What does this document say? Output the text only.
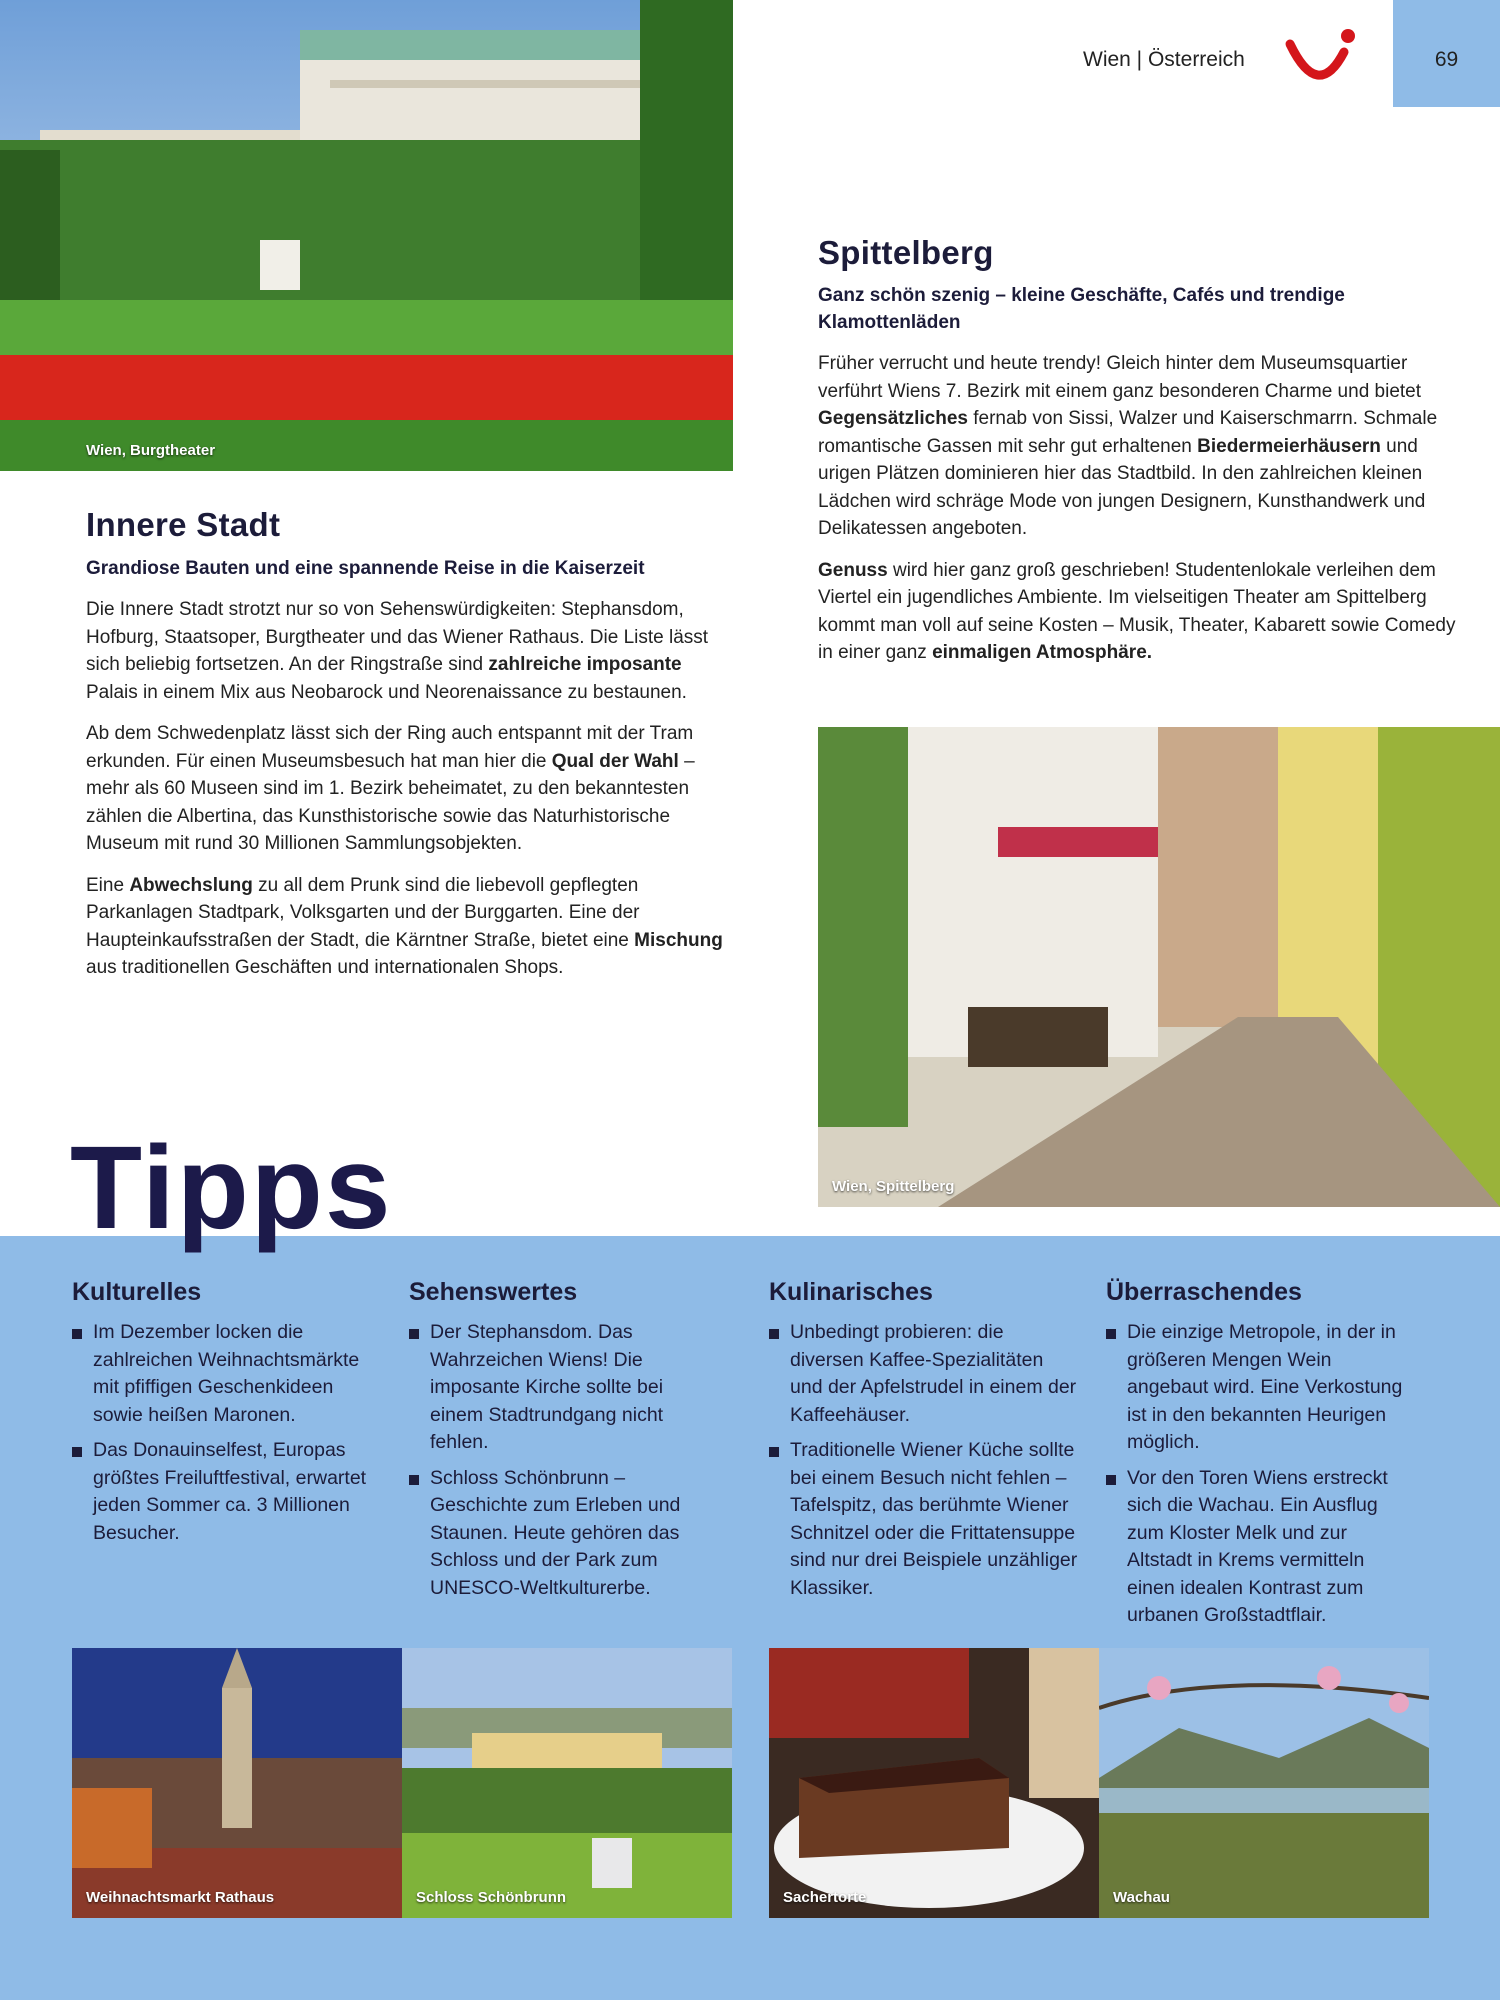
Wien, Burgtheater
Wien | Österreich	69
Innere Stadt
Grandiose Bauten und eine spannende Reise in die Kaiserzeit

Die Innere Stadt strotzt nur so von Sehenswürdigkeiten: Stephansdom, Hofburg, Staatsoper, Burgtheater und das Wiener Rathaus. Die Liste lässt sich beliebig fortsetzen. An der Ringstraße sind zahlreiche imposante Palais in einem Mix aus Neobarock und Neorenaissance zu bestaunen.

Ab dem Schwedenplatz lässt sich der Ring auch entspannt mit der Tram erkunden. Für einen Museumsbesuch hat man hier die Qual der Wahl – mehr als 60 Museen sind im 1. Bezirk beheimatet, zu den bekanntesten zählen die Albertina, das Kunsthistorische sowie das Naturhistorische Museum mit rund 30 Millionen Sammlungsobjekten.

Eine Abwechslung zu all dem Prunk sind die liebevoll gepflegten Parkanlagen Stadtpark, Volksgarten und der Burggarten. Eine der Haupteinkaufsstraßen der Stadt, die Kärntner Straße, bietet eine Mischung aus traditionellen Geschäften und internationalen Shops.

Spittelberg
Ganz schön szenig – kleine Geschäfte, Cafés und trendige Klamottenläden

Früher verrucht und heute trendy! Gleich hinter dem Museumsquartier verführt Wiens 7. Bezirk mit einem ganz besonderen Charme und bietet Gegensätzliches fernab von Sissi, Walzer und Kaiserschmarrn. Schmale romantische Gassen mit sehr gut erhaltenen Biedermeierhäusern und urigen Plätzen dominieren hier das Stadtbild. In den zahlreichen kleinen Lädchen wird schräge Mode von jungen Designern, Kunsthandwerk und Delikatessen angeboten.

Genuss wird hier ganz groß geschrieben! Studentenlokale verleihen dem Viertel ein jugendliches Ambiente. Im vielseitigen Theater am Spittelberg kommt man voll auf seine Kosten – Musik, Theater, Kabarett sowie Comedy in einer ganz einmaligen Atmosphäre.

Wien, Spittelberg
Tipps
Kulturelles
Im Dezember locken die zahlreichen Weihnachtsmärkte mit pfiffigen Geschenkideen sowie heißen Maronen.
Das Donauinselfest, Europas größtes Freiluftfestival, erwartet jeden Sommer ca. 3 Millionen Besucher.
Sehenswertes
Der Stephansdom. Das Wahrzeichen Wiens! Die imposante Kirche sollte bei einem Stadtrundgang nicht fehlen.
Schloss Schönbrunn – Geschichte zum Erleben und Staunen. Heute gehören das Schloss und der Park zum UNESCO-Weltkulturerbe.
Kulinarisches
Unbedingt probieren: die diversen Kaffee-Spezialitäten und der Apfelstrudel in einem der Kaffeehäuser.
Traditionelle Wiener Küche sollte bei einem Besuch nicht fehlen – Tafelspitz, das berühmte Wiener Schnitzel oder die Frittatensuppe sind nur drei Beispiele unzähliger Klassiker.
Überraschendes
Die einzige Metropole, in der in größeren Mengen Wein angebaut wird. Eine Verkostung ist in den bekannten Heurigen möglich.
Vor den Toren Wiens erstreckt sich die Wachau. Ein Ausflug zum Kloster Melk und zur Altstadt in Krems vermitteln einen idealen Kontrast zum urbanen Großstadtflair.
Weihnachtsmarkt Rathaus	Schloss Schönbrunn	Sachertorte	Wachau
